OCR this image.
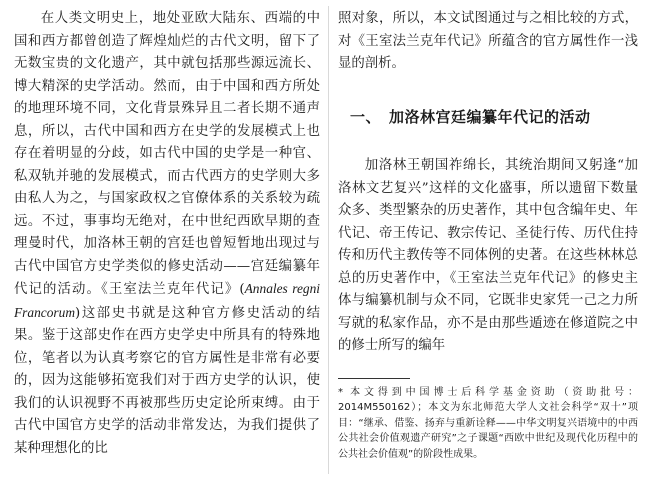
在人类文明史上，地处亚欧大陆东、西端的中国和西方都曾创造了辉煌灿烂的古代文明，留下了无数宝贵的文化遗产，其中就包括那些源远流长、博大精深的史学活动。然而，由于中国和西方所处的地理环境不同，文化背景殊异且二者长期不通声息，所以，古代中国和西方在史学的发展模式上也存在着明显的分歧，如古代中国的史学是一种官、私双轨并驰的发展模式，而古代西方的史学则大多由私人为之，与国家政权之官僚体系的关系较为疏远。不过，事事均无绝对，在中世纪西欧早期的查理曼时代，加洛林王朝的宫廷也曾短暂地出现过与古代中国官方史学类似的修史活动——宫廷编纂年代记的活动。《王室法兰克年代记》(Annales regni Francorum)这部史书就是这种官方修史活动的结果。鉴于这部史作在西方史学史中所具有的特殊地位，笔者以为认真考察它的官方属性是非常有必要的，因为这能够拓宽我们对于西方史学的认识，使我们的认识视野不再被那些历史定论所束缚。由于古代中国官方史学的活动非常发达，为我们提供了某种理想化的比

照对象，所以，本文试图通过与之相比较的方式，对《王室法兰克年代记》所蕴含的官方属性作一浅显的剖析。

一、 加洛林宫廷编纂年代记的活动

加洛林王朝国祚绵长，其统治期间又躬逢“加洛林文艺复兴”这样的文化盛事，所以遗留下数量众多、类型繁杂的历史著作，其中包含编年史、年代记、帝王传记、教宗传记、圣徒行传、历代住持传和历代主教传等不同体例的史著。在这些林林总总的历史著作中，《王室法兰克年代记》的修史主体与编纂机制与众不同，它既非史家凭一己之力所写就的私家作品，亦不是由那些遁迹在修道院之中的修士所写的编年

* 本文得到中国博士后科学基金资助（资助批号：2014M550162）；本文为东北师范大学人文社会科学“双十”项目：“继承、借鉴、扬弃与重新诠释——中华文明复兴语境中的中西公共社会价值观遗产研究”之子课题“西欧中世纪及现代化历程中的公共社会价值观”的阶段性成果。
